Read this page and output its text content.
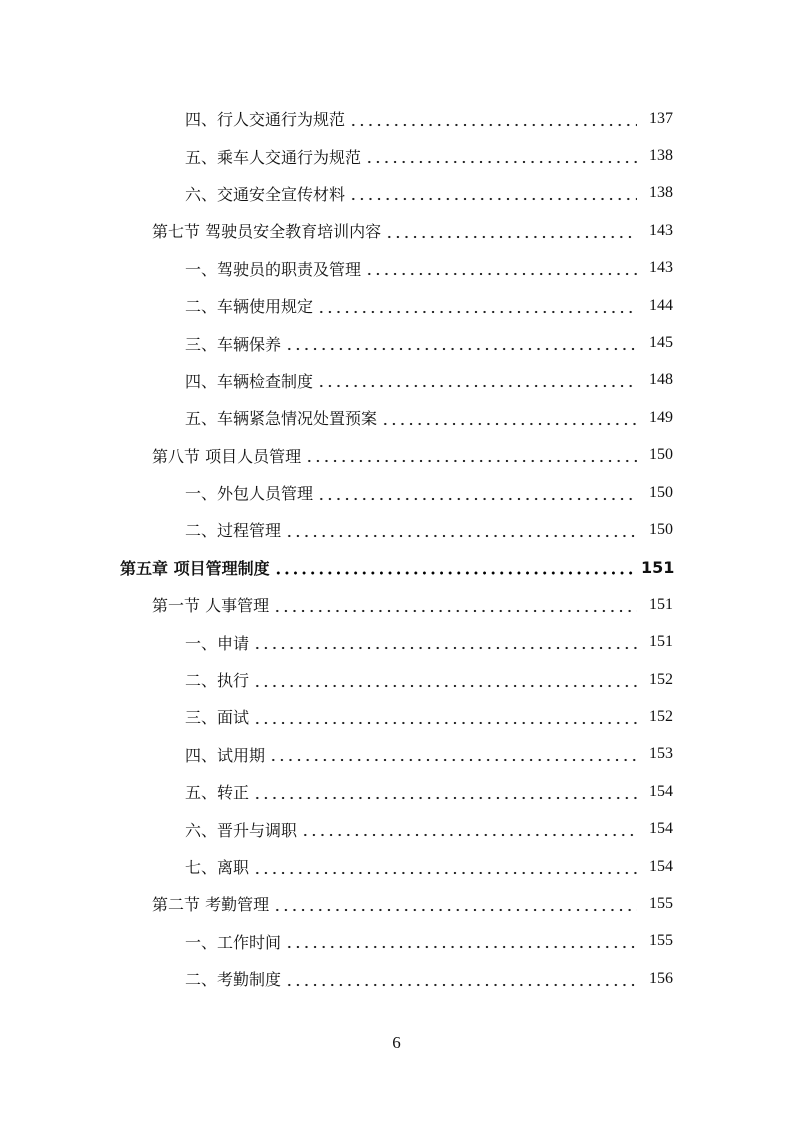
四、行人交通行为规范	137
五、乘车人交通行为规范	138
六、交通安全宣传材料	138
第七节 驾驶员安全教育培训内容	143
一、驾驶员的职责及管理	143
二、车辆使用规定	144
三、车辆保养	145
四、车辆检查制度	148
五、车辆紧急情况处置预案	149
第八节 项目人员管理	150
一、外包人员管理	150
二、过程管理	150
第五章 项目管理制度	151
第一节 人事管理	151
一、申请	151
二、执行	152
三、面试	152
四、试用期	153
五、转正	154
六、晋升与调职	154
七、离职	154
第二节 考勤管理	155
一、工作时间	155
二、考勤制度	156
6
